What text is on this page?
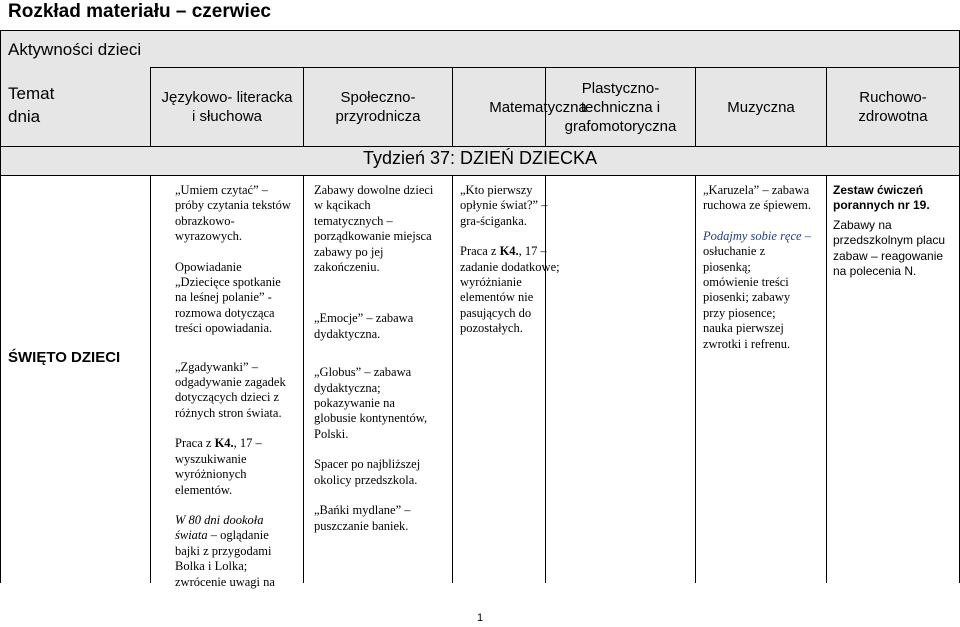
Rozkład materiału – czerwiec
Aktywności dzieci
Temat
dnia
Językowo- literacka
i słuchowa
Społeczno-
przyrodnicza
Matematyczna
Plastyczno-
techniczna i
grafomotoryczna
Muzyczna
Ruchowo-
zdrowotna
Tydzień 37: DZIEŃ DZIECKA
ŚWIĘTO DZIECI

„Umiem czytać” –
próby czytania tekstów
obrazkowo-
wyrazowych.

Opowiadanie
„Dziecięce spotkanie
na leśnej polanie” -
rozmowa dotycząca
treści opowiadania.

„Zgadywanki” –
odgadywanie zagadek
dotyczących dzieci z
różnych stron świata.

Praca z K4., 17 –
wyszukiwanie
wyróżnionych
elementów.

W 80 dni dookoła
świata – oglądanie
bajki z przygodami
Bolka i Lolka;
zwrócenie uwagi na

Zabawy dowolne dzieci
w kącikach
tematycznych –
porządkowanie miejsca
zabawy po jej
zakończeniu.

„Emocje” – zabawa
dydaktyczna.

„Globus” – zabawa
dydaktyczna;
pokazywanie na
globusie kontynentów,
Polski.

Spacer po najbliższej
okolicy przedszkola.

„Bańki mydlane” –
puszczanie baniek.

„Kto pierwszy
opłynie świat?” –
gra-ściganka.

Praca z K4., 17 –
zadanie dodatkowe;
wyróżnianie
elementów nie
pasujących do
pozostałych.

„Karuzela” – zabawa
ruchowa ze śpiewem.

Podajmy sobie ręce –
osłuchanie z
piosenką;
omówienie treści
piosenki; zabawy
przy piosence;
nauka pierwszej
zwrotki i refrenu.

Zestaw ćwiczeń
porannych nr 19.

Zabawy na
przedszkolnym placu
zabaw – reagowanie
na polecenia N.

1
